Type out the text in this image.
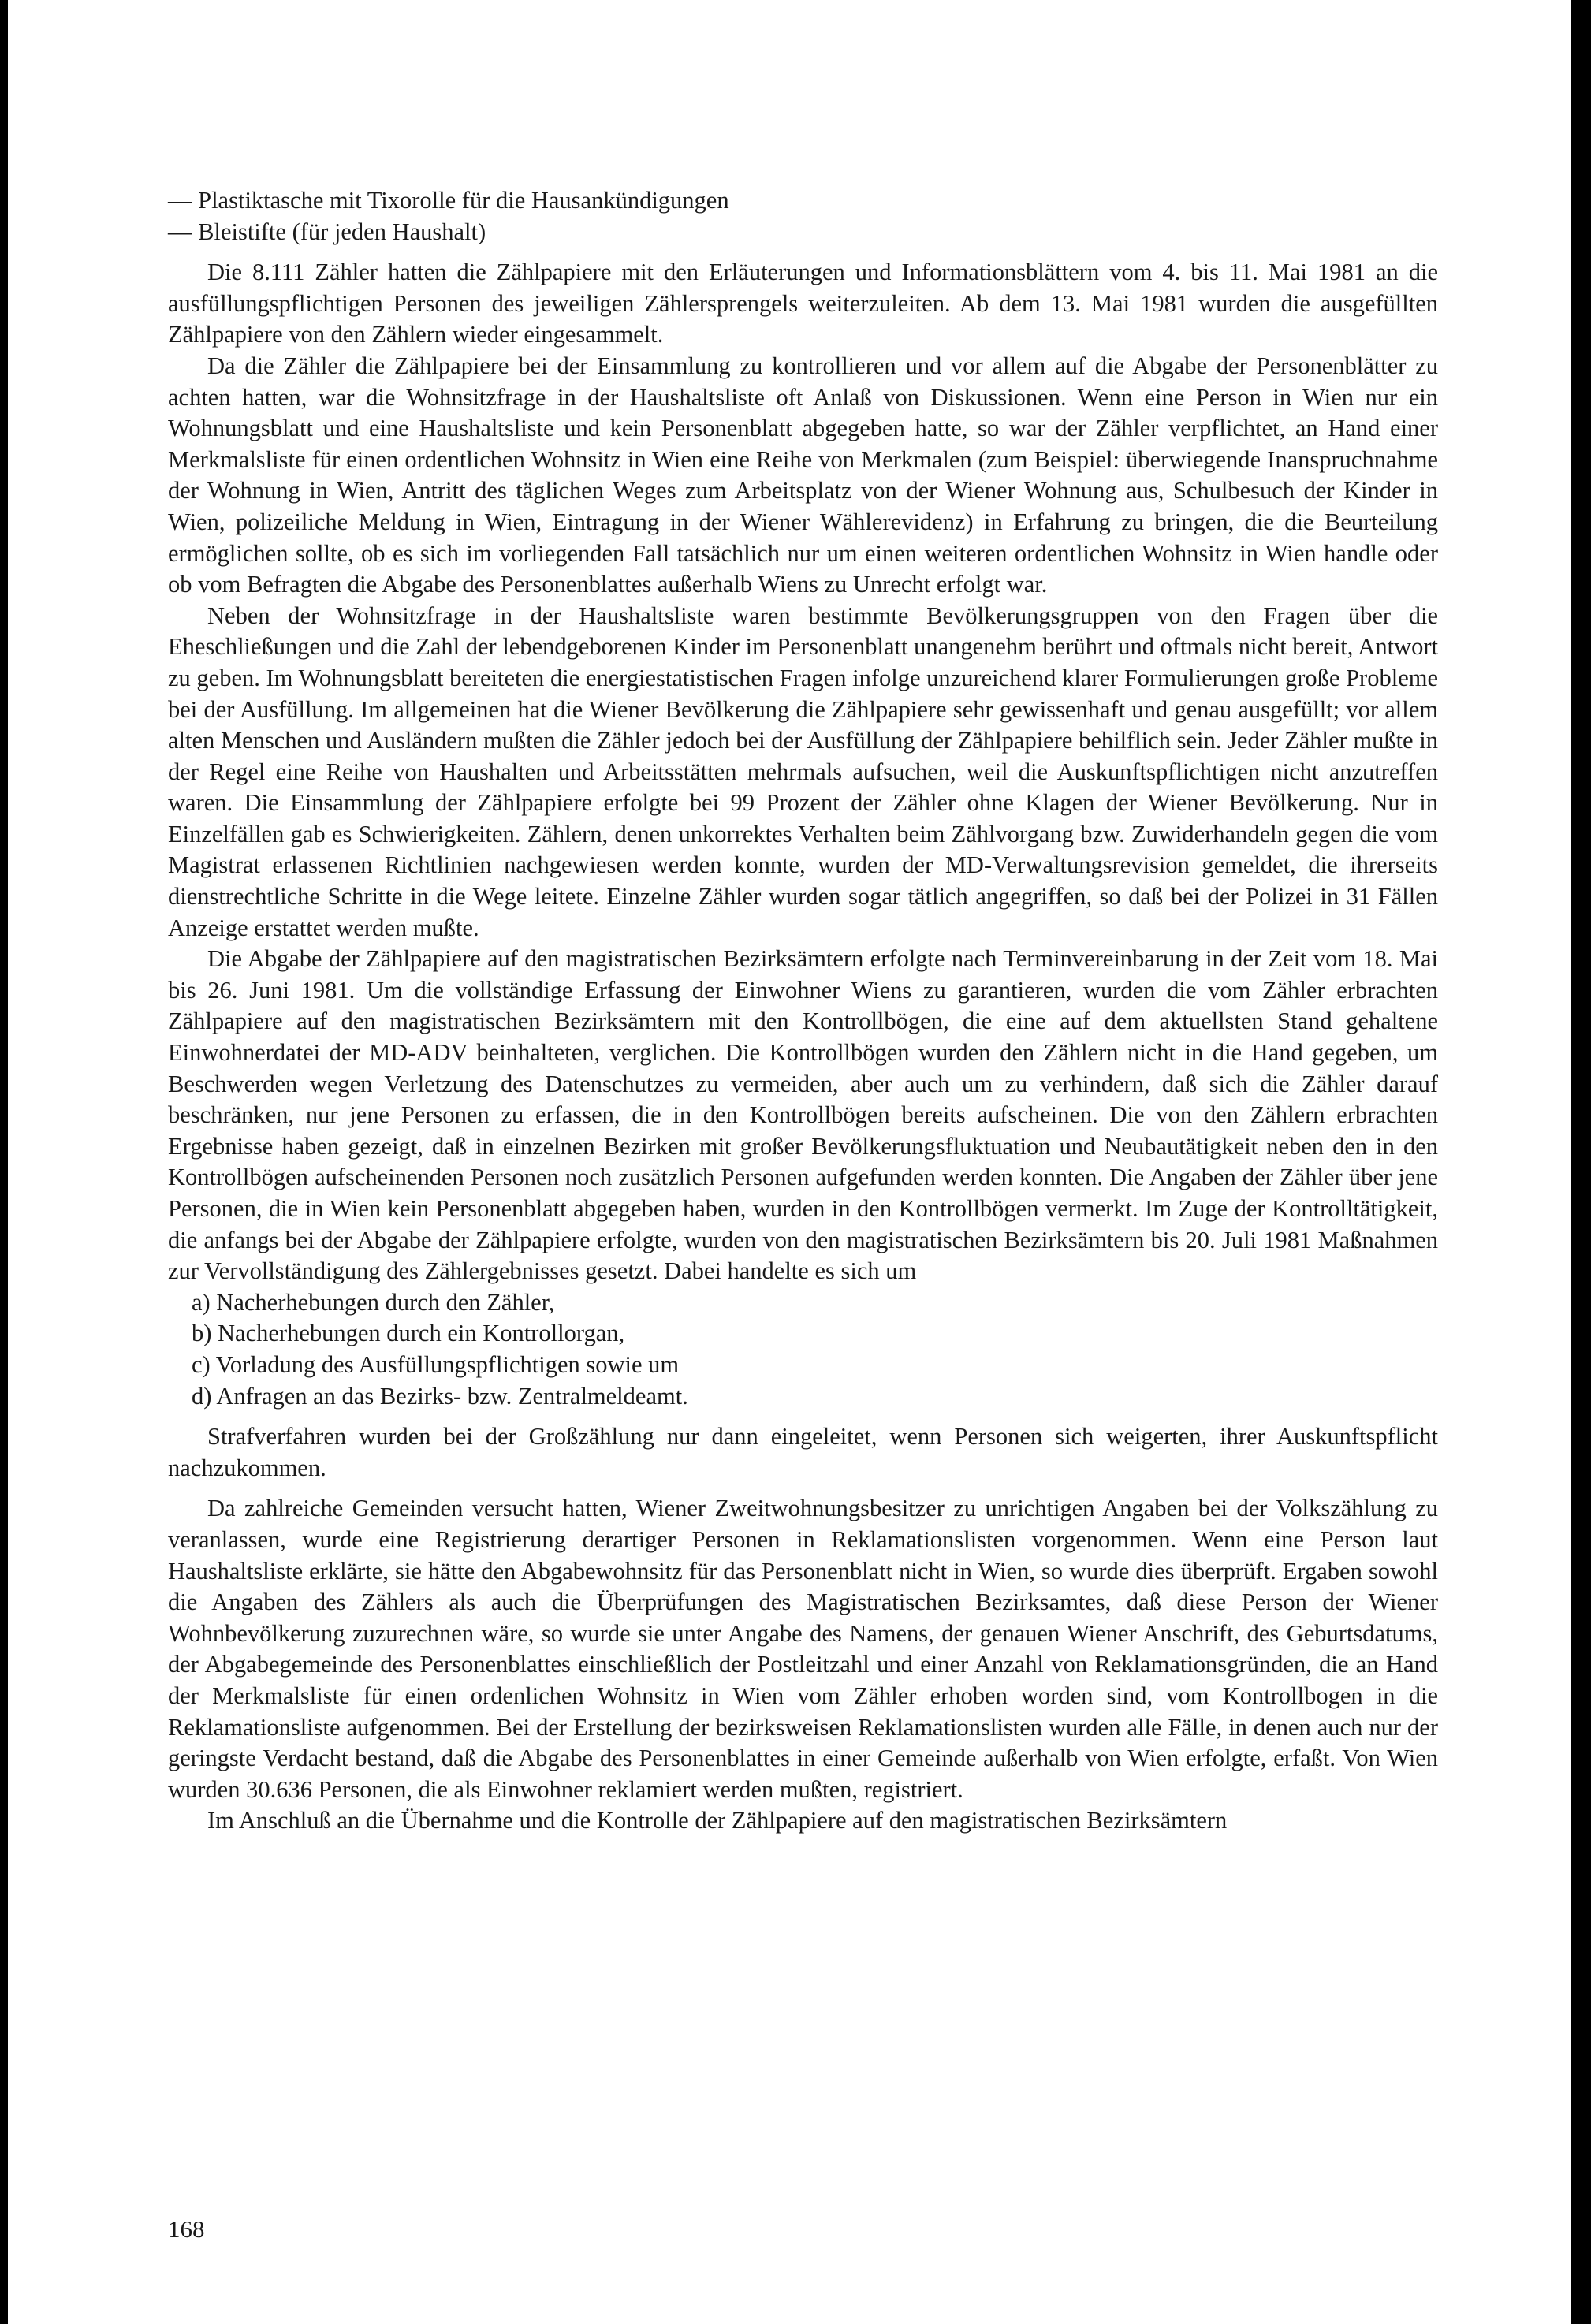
— Plastiktasche mit Tixorolle für die Hausankündigungen

— Bleistifte (für jeden Haushalt)

Die 8.111 Zähler hatten die Zählpapiere mit den Erläuterungen und Informationsblättern vom 4. bis 11. Mai 1981 an die ausfüllungspflichtigen Personen des jeweiligen Zählersprengels weiterzuleiten. Ab dem 13. Mai 1981 wurden die ausgefüllten Zählpapiere von den Zählern wieder eingesammelt.

Da die Zähler die Zählpapiere bei der Einsammlung zu kontrollieren und vor allem auf die Abgabe der Personenblätter zu achten hatten, war die Wohnsitzfrage in der Haushaltsliste oft Anlaß von Diskussionen. Wenn eine Person in Wien nur ein Wohnungsblatt und eine Haushaltsliste und kein Personenblatt abgegeben hatte, so war der Zähler verpflichtet, an Hand einer Merkmalsliste für einen ordentlichen Wohnsitz in Wien eine Reihe von Merkmalen (zum Beispiel: überwiegende Inanspruchnahme der Wohnung in Wien, Antritt des täglichen Weges zum Arbeitsplatz von der Wiener Wohnung aus, Schulbesuch der Kinder in Wien, polizeiliche Meldung in Wien, Eintragung in der Wiener Wählerevidenz) in Erfahrung zu bringen, die die Beurteilung ermöglichen sollte, ob es sich im vorliegenden Fall tatsächlich nur um einen weiteren ordentlichen Wohnsitz in Wien handle oder ob vom Befragten die Abgabe des Personenblattes außerhalb Wiens zu Unrecht erfolgt war.

Neben der Wohnsitzfrage in der Haushaltsliste waren bestimmte Bevölkerungsgruppen von den Fragen über die Eheschließungen und die Zahl der lebendgeborenen Kinder im Personenblatt unangenehm berührt und oftmals nicht bereit, Antwort zu geben. Im Wohnungsblatt bereiteten die energiestatistischen Fragen infolge unzureichend klarer Formulierungen große Probleme bei der Ausfüllung. Im allgemeinen hat die Wiener Bevölkerung die Zählpapiere sehr gewissenhaft und genau ausgefüllt; vor allem alten Menschen und Ausländern mußten die Zähler jedoch bei der Ausfüllung der Zählpapiere behilflich sein. Jeder Zähler mußte in der Regel eine Reihe von Haushalten und Arbeitsstätten mehrmals aufsuchen, weil die Auskunftspflichtigen nicht anzutreffen waren. Die Einsammlung der Zählpapiere erfolgte bei 99 Prozent der Zähler ohne Klagen der Wiener Bevölkerung. Nur in Einzelfällen gab es Schwierigkeiten. Zählern, denen unkorrektes Verhalten beim Zählvorgang bzw. Zuwiderhandeln gegen die vom Magistrat erlassenen Richtlinien nachgewiesen werden konnte, wurden der MD-Verwaltungsrevision gemeldet, die ihrerseits dienstrechtliche Schritte in die Wege leitete. Einzelne Zähler wurden sogar tätlich angegriffen, so daß bei der Polizei in 31 Fällen Anzeige erstattet werden mußte.

Die Abgabe der Zählpapiere auf den magistratischen Bezirksämtern erfolgte nach Terminvereinbarung in der Zeit vom 18. Mai bis 26. Juni 1981. Um die vollständige Erfassung der Einwohner Wiens zu garantieren, wurden die vom Zähler erbrachten Zählpapiere auf den magistratischen Bezirksämtern mit den Kontrollbögen, die eine auf dem aktuellsten Stand gehaltene Einwohnerdatei der MD-ADV beinhalteten, verglichen. Die Kontrollbögen wurden den Zählern nicht in die Hand gegeben, um Beschwerden wegen Verletzung des Datenschutzes zu vermeiden, aber auch um zu verhindern, daß sich die Zähler darauf beschränken, nur jene Personen zu erfassen, die in den Kontrollbögen bereits aufscheinen. Die von den Zählern erbrachten Ergebnisse haben gezeigt, daß in einzelnen Bezirken mit großer Bevölkerungsfluktuation und Neubautätigkeit neben den in den Kontrollbögen aufscheinenden Personen noch zusätzlich Personen aufgefunden werden konnten. Die Angaben der Zähler über jene Personen, die in Wien kein Personenblatt abgegeben haben, wurden in den Kontrollbögen vermerkt. Im Zuge der Kontrolltätigkeit, die anfangs bei der Abgabe der Zählpapiere erfolgte, wurden von den magistratischen Bezirksämtern bis 20. Juli 1981 Maßnahmen zur Vervollständigung des Zählergebnisses gesetzt. Dabei handelte es sich um

a) Nacherhebungen durch den Zähler,

b) Nacherhebungen durch ein Kontrollorgan,

c) Vorladung des Ausfüllungspflichtigen sowie um

d) Anfragen an das Bezirks- bzw. Zentralmeldeamt.

Strafverfahren wurden bei der Großzählung nur dann eingeleitet, wenn Personen sich weigerten, ihrer Auskunftspflicht nachzukommen.

Da zahlreiche Gemeinden versucht hatten, Wiener Zweitwohnungsbesitzer zu unrichtigen Angaben bei der Volkszählung zu veranlassen, wurde eine Registrierung derartiger Personen in Reklamationslisten vorgenommen. Wenn eine Person laut Haushaltsliste erklärte, sie hätte den Abgabewohnsitz für das Personenblatt nicht in Wien, so wurde dies überprüft. Ergaben sowohl die Angaben des Zählers als auch die Überprüfungen des Magistratischen Bezirksamtes, daß diese Person der Wiener Wohnbevölkerung zuzurechnen wäre, so wurde sie unter Angabe des Namens, der genauen Wiener Anschrift, des Geburtsdatums, der Abgabegemeinde des Personenblattes einschließlich der Postleitzahl und einer Anzahl von Reklamationsgründen, die an Hand der Merkmalsliste für einen ordenlichen Wohnsitz in Wien vom Zähler erhoben worden sind, vom Kontrollbogen in die Reklamationsliste aufgenommen. Bei der Erstellung der bezirksweisen Reklamationslisten wurden alle Fälle, in denen auch nur der geringste Verdacht bestand, daß die Abgabe des Personenblattes in einer Gemeinde außerhalb von Wien erfolgte, erfaßt. Von Wien wurden 30.636 Personen, die als Einwohner reklamiert werden mußten, registriert.

Im Anschluß an die Übernahme und die Kontrolle der Zählpapiere auf den magistratischen Bezirksämtern

168
